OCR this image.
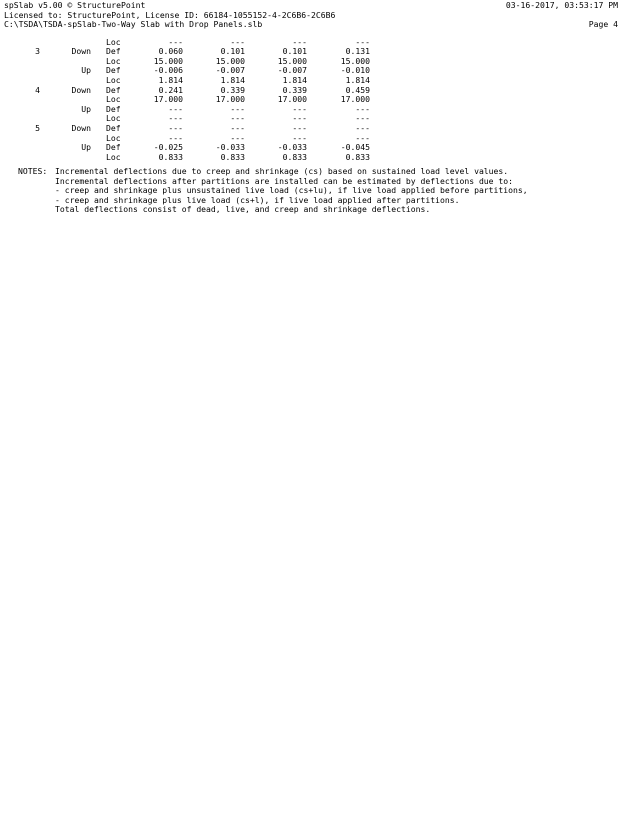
spSlab v5.00 © StructurePoint
Licensed to: StructurePoint, License ID: 66184-1055152-4-2C6B6-2C6B6
C:\TSDA\TSDA-spSlab-Two-Way Slab with Drop Panels.slb
03-16-2017, 03:53:17 PM
Page 4
Loc	---	---	---	---
3	Down Def	0.060	0.101	0.101	0.131
Loc	15.000	15.000	15.000	15.000
Up Def	-0.006	-0.007	-0.007	-0.010
Loc	1.814	1.814	1.814	1.814
4	Down Def	0.241	0.339	0.339	0.459
Loc	17.000	17.000	17.000	17.000
Up Def	---	---	---	---
Loc	---	---	---	---
5	Down Def	---	---	---	---
Loc	---	---	---	---
Up Def	-0.025	-0.033	-0.033	-0.045
Loc	0.833	0.833	0.833	0.833
NOTES: Incremental deflections due to creep and shrinkage (cs) based on sustained load level values.
Incremental deflections after partitions are installed can be estimated by deflections due to:
- creep and shrinkage plus unsustained live load (cs+lu), if live load applied before partitions,
- creep and shrinkage plus live load (cs+l), if live load applied after partitions.
Total deflections consist of dead, live, and creep and shrinkage deflections.
